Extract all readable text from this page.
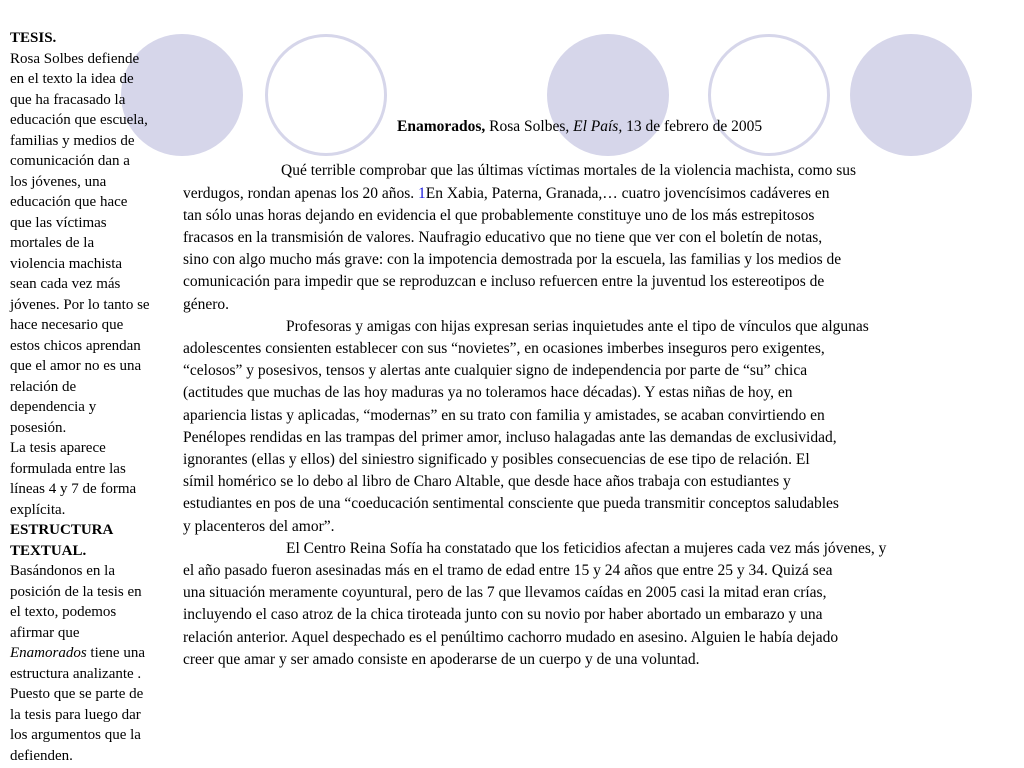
TESIS.
Rosa Solbes defiende
en el texto la idea de
que ha fracasado la
educación que escuela,
familias y medios de
comunicación dan a
los jóvenes, una
educación que hace
que las víctimas
mortales de la
violencia machista
sean cada vez más
jóvenes. Por lo tanto se
hace necesario que
estos chicos aprendan
que el amor no es una
relación de
dependencia y
posesión.
La tesis aparece
formulada entre las
líneas 4 y 7 de forma
explícita.
ESTRUCTURA
TEXTUAL.
Basándonos en la
posición de la tesis en
el texto, podemos
afirmar que
Enamorados tiene una
estructura analizante .
Puesto que se parte de
la tesis para luego dar
los argumentos que la
defienden.
Enamorados, Rosa Solbes, El País, 13 de febrero de 2005
Qué terrible comprobar que las últimas víctimas mortales de la violencia machista, como sus
verdugos, rondan apenas los 20 años. 1En Xabia, Paterna, Granada,… cuatro jovencísimos cadáveres en
tan sólo unas horas dejando en evidencia el que probablemente constituye uno de los más estrepitosos
fracasos en la transmisión de valores. Naufragio educativo que no tiene que ver con el boletín de notas,
sino con algo mucho más grave: con la impotencia demostrada por la escuela, las familias y los medios de
comunicación para impedir que se reproduzcan e incluso refuercen entre la juventud los estereotipos de
género.
Profesoras y amigas con hijas expresan serias inquietudes ante el tipo de vínculos que algunas
adolescentes consienten establecer con sus “novietes”, en ocasiones imberbes inseguros pero exigentes,
“celosos” y posesivos, tensos y alertas ante cualquier signo de independencia por parte de “su” chica
(actitudes que muchas de las hoy maduras ya no toleramos hace décadas). Y estas niñas de hoy, en
apariencia listas y aplicadas, “modernas” en su trato con familia y amistades, se acaban convirtiendo en
Penélopes rendidas en las trampas del primer amor, incluso halagadas ante las demandas de exclusividad,
ignorantes (ellas y ellos) del siniestro significado y posibles consecuencias de ese tipo de relación. El
símil homérico se lo debo al libro de Charo Altable, que desde hace años trabaja con estudiantes y
estudiantes en pos de una “coeducación sentimental consciente que pueda transmitir conceptos saludables
y placenteros del amor”.
El Centro Reina Sofía ha constatado que los feticidios afectan a mujeres cada vez más jóvenes, y
el año pasado fueron asesinadas más en el tramo de edad entre 15 y 24 años que entre 25 y 34. Quizá sea
una situación meramente coyuntural, pero de las 7 que llevamos caídas en 2005 casi la mitad eran crías,
incluyendo el caso atroz de la chica tiroteada junto con su novio por haber abortado un embarazo y una
relación anterior. Aquel despechado es el penúltimo cachorro mudado en asesino. Alguien le había dejado
creer que amar y ser amado consiste en apoderarse de un cuerpo y de una voluntad.
